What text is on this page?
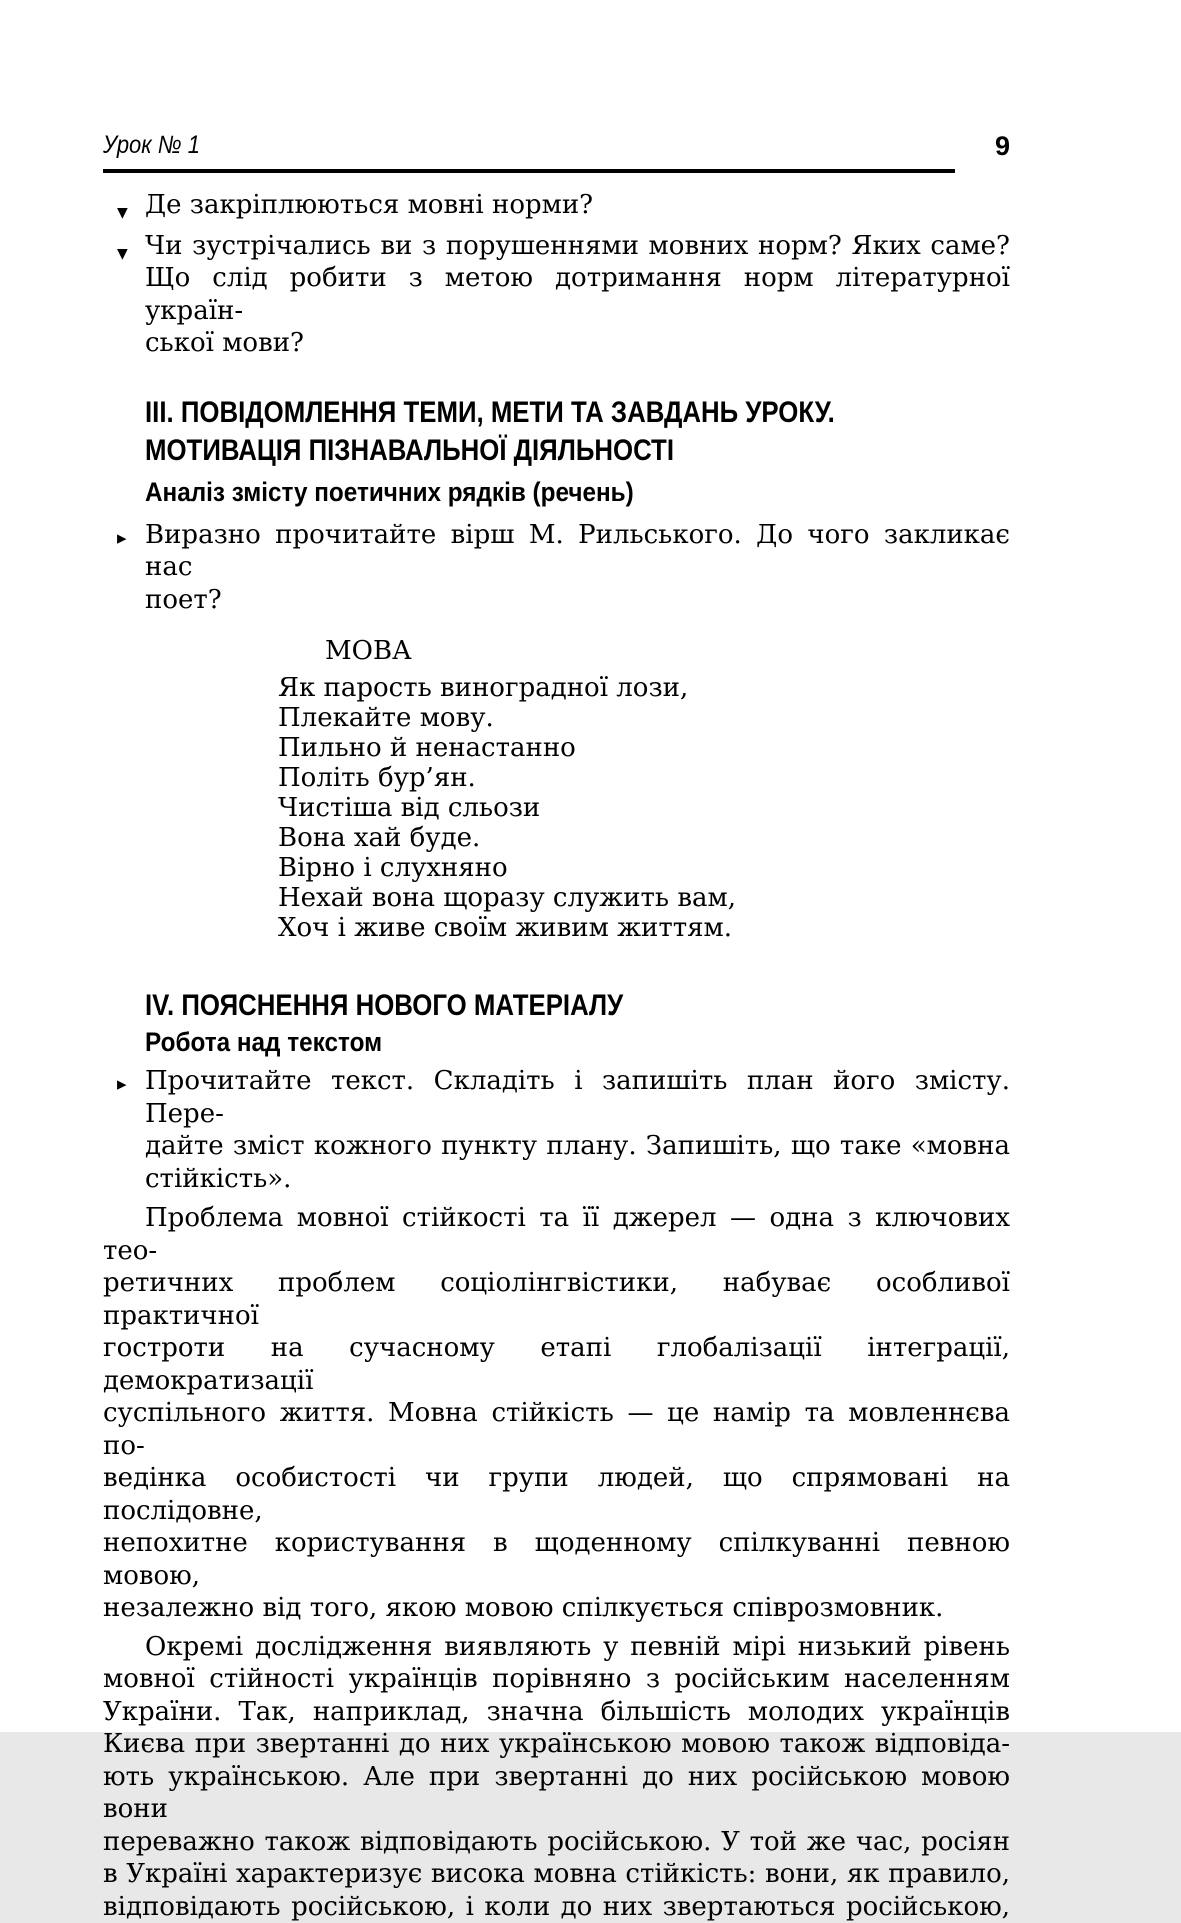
Урок № 1	9
▼ Де закріплюються мовні норми?
▼ Чи зустрічались ви з порушеннями мовних норм? Яких саме?
Що слід робити з метою дотримання норм літературної україн-
ської мови?
III. ПОВІДОМЛЕННЯ ТЕМИ, МЕТИ ТА ЗАВДАНЬ УРОКУ.
МОТИВАЦІЯ ПІЗНАВАЛЬНОЇ ДІЯЛЬНОСТІ
Аналіз змісту поетичних рядків (речень)
▸ Виразно прочитайте вірш М. Рильського. До чого закликає нас
поет?
МОВА
Як парость виноградної лози,
Плекайте мову.
Пильно й ненастанно
Політь бур’ян.
Чистіша від сльози
Вона хай буде.
Вірно і слухняно
Нехай вона щоразу служить вам,
Хоч і живе своїм живим життям.
IV. ПОЯСНЕННЯ НОВОГО МАТЕРІАЛУ
Робота над текстом
▸ Прочитайте текст. Складіть і запишіть план його змісту. Пере-
дайте зміст кожного пункту плану. Запишіть, що таке «мовна
стійкість».
Проблема мовної стійкості та її джерел — одна з ключових тео-
ретичних проблем соціолінгвістики, набуває особливої практичної
гостроти на сучасному етапі глобалізації інтеграції, демократизації
суспільного життя. Мовна стійкість — це намір та мовленнєва по-
ведінка особистості чи групи людей, що спрямовані на послідовне,
непохитне користування в щоденному спілкуванні певною мовою,
незалежно від того, якою мовою спілкується співрозмовник.
Окремі дослідження виявляють у певній мірі низький рівень
мовної стійності українців порівняно з російським населенням
України. Так, наприклад, значна більшість молодих українців
Києва при звертанні до них українською мовою також відповіда-
ють українською. Але при звертанні до них російською мовою вони
переважно також відповідають російською. У той же час, росіян
в Україні характеризує висока мовна стійкість: вони, як правило,
відповідають російською, і коли до них звертаються російською,
